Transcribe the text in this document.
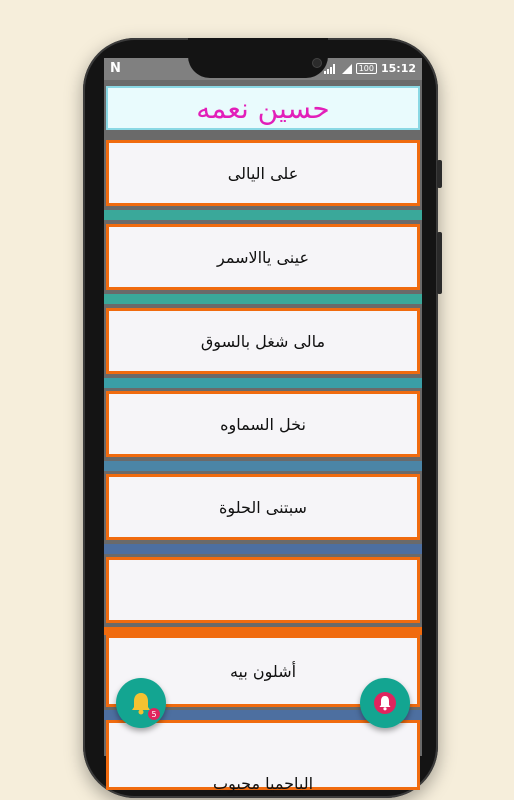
N	100 15:12
حسين نعمه
على اليالى
عينى ياالاسمر
مالى شغل بالسوق
نخل السماوه
سبتنى الحلوة
أشلون بيه
الياحميا محبوب
5
